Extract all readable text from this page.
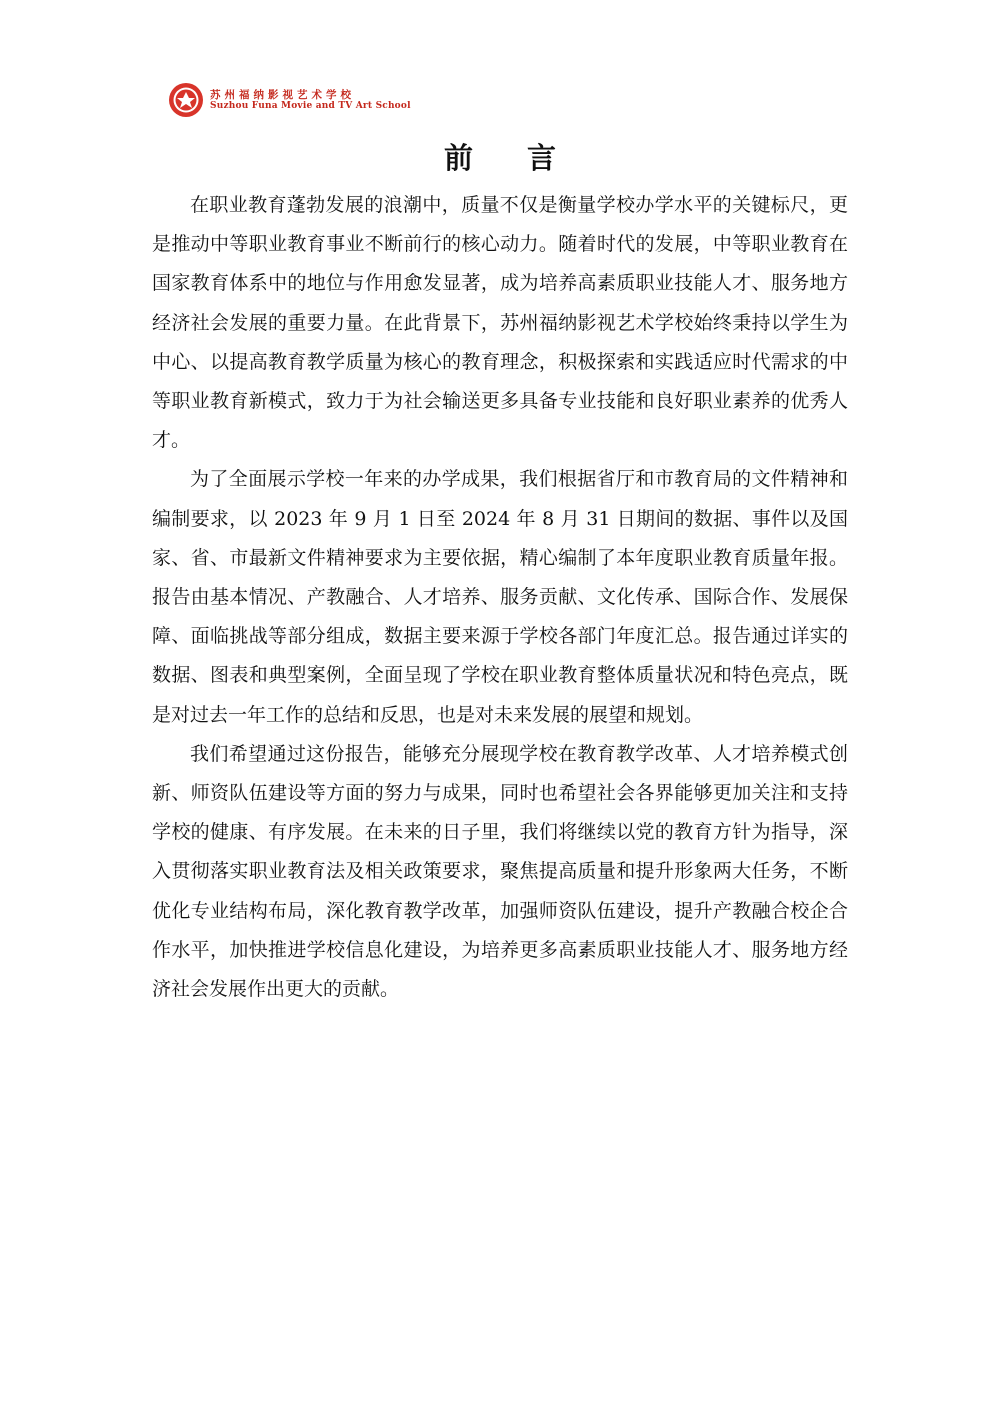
苏州福纳影视艺术学校
Suzhou Funa Movie and TV Art School
前 言

在职业教育蓬勃发展的浪潮中，质量不仅是衡量学校办学水平的关键标尺，更是推动中等职业教育事业不断前行的核心动力。随着时代的发展，中等职业教育在国家教育体系中的地位与作用愈发显著，成为培养高素质职业技能人才、服务地方经济社会发展的重要力量。在此背景下，苏州福纳影视艺术学校始终秉持以学生为中心、以提高教育教学质量为核心的教育理念，积极探索和实践适应时代需求的中等职业教育新模式，致力于为社会输送更多具备专业技能和良好职业素养的优秀人才。

为了全面展示学校一年来的办学成果，我们根据省厅和市教育局的文件精神和编制要求，以 2023 年 9 月 1 日至 2024 年 8 月 31 日期间的数据、事件以及国家、省、市最新文件精神要求为主要依据，精心编制了本年度职业教育质量年报。报告由基本情况、产教融合、人才培养、服务贡献、文化传承、国际合作、发展保障、面临挑战等部分组成，数据主要来源于学校各部门年度汇总。报告通过详实的数据、图表和典型案例，全面呈现了学校在职业教育整体质量状况和特色亮点，既是对过去一年工作的总结和反思，也是对未来发展的展望和规划。

我们希望通过这份报告，能够充分展现学校在教育教学改革、人才培养模式创新、师资队伍建设等方面的努力与成果，同时也希望社会各界能够更加关注和支持学校的健康、有序发展。在未来的日子里，我们将继续以党的教育方针为指导，深入贯彻落实职业教育法及相关政策要求，聚焦提高质量和提升形象两大任务，不断优化专业结构布局，深化教育教学改革，加强师资队伍建设，提升产教融合校企合作水平，加快推进学校信息化建设，为培养更多高素质职业技能人才、服务地方经济社会发展作出更大的贡献。
